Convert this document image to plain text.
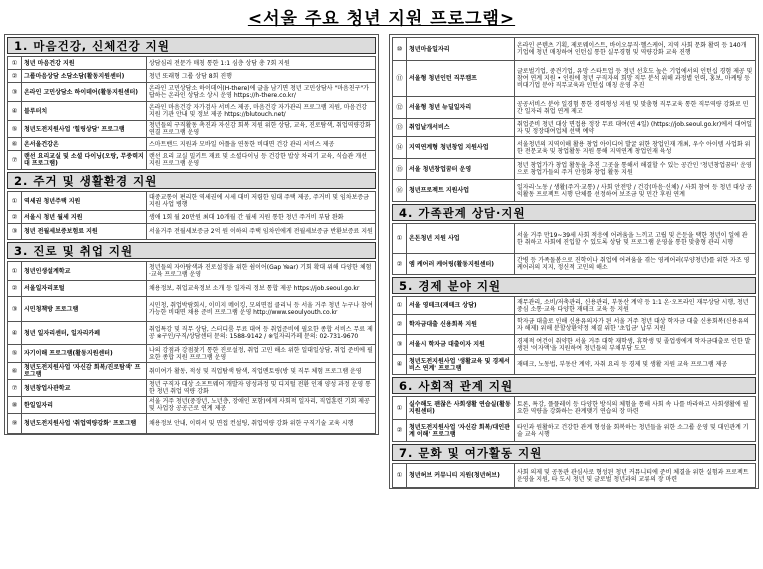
<서울 주요 청년 지원 프로그램>
1. 마음건강, 신체건강 지원
①	청년 마음건강 지원	상담심리 전문가 매칭 통한 1:1 심층 상담 총 7회 지원
②	그룹마음상담 소담소담(활동지원센터)	청년 또래형 그룹 상담 8회 진행
③	온라인 고민상담소 하이데어(활동지원센터)	온라인 고민상담소 하이데어(H-there)에 글을 남기면 청년 고민상담사 "마음친구"가 답하는 온라인 상담소 상시 운영 https://h-there.co.kr/
④	블루터치	온라인 마음건강 자가검사 서비스 제공, 마음건강 자가관리 프로그램 지원, 마음건강 지원 기관 안내 및 정보 제공 https://blutouch.net/
⑤	청년도전지원사업 '힐링상담' 프로그램	청년들의 구직활동 촉진과 자신감 회복 지원 위한 상담, 교육, 진로탐색, 취업역량강화 연결 프로그램 운영
⑥	온서울건강온	스마트밴드 지원과 모바일 어플을 연동한 비대면 건강 관리 서비스 제공
⑦	랜선 요리교실 및 소셜 다이닝(오랑, 무중력지대 프로그램)	랜선 요리 교실 밀키트 재료 및 소셜다이닝 등 건강한 밥상 차리기 교육, 식습관 개선 지원 프로그램 운영
2. 주거 및 생활환경 지원
①	역세권 청년주택 지원	대중교통이 편리한 역세권에 시세 대비 저렴한 임대 주택 제공, 주거비 및 임차보증금 지원 사업 병행
②	서울시 청년 월세 지원	생애 1회 월 20만원 최대 10개월 간 월세 지원 통한 청년 주거비 부담 완화
③	청년 전월세보증보험료 지원	서울거주 전월세보증금 2억 원 이하의 주택 임차인에게 전월세보증금 반환보증료 지원
3. 진로 및 취업 지원
①	청년인생설계학교	청년들의 자아탐색과 진로설정을 위한 쉼이어(Gap Year) 기회 확대 위해 다양한 체험·교육 프로그램 운영
②	서울일자리포털	채용정보, 취업교육정보 소개 등 일자리 정보 통합 제공 https://job.seoul.go.kr
③	시민청책방 프로그램	시민청, 취업박람회시, 이미지 메이킹, 모의면접 클리닉 등 서울 거주 청년 누구나 참여 가능한 비대면 채용 준비 프로그램 운영 http://www.seoulyouth.co.kr
④	청년 일자리센터, 일자리카페	취업특강 및 직무 상담, 스터디룸 무료 대여 등 취업준비에 필요한 종합 서비스 무료 제공 ※구인/구직/상담센터 문의: 1588-9142 / ※일자리카페 문의: 02-731-9670
⑤	자기이해 프로그램(활동지원센터)	나의 강점과 강점찾기 통한 진로설정, 취업 고민 해소 위한 일대일상담, 취업 준비에 필요한 종합 지원 프로그램 운영
⑥	청년도전지원사업 '자신감 회복/진로탐색' 프로그램	취미여가 활동, 적성 및 직업탐색 탐색, 직업멘토링(방 및 직무 체험 프로그램 운영
⑦	청년창업사관학교	청년 구직자 대상 소프트웨어 개발자 양성과정 및 디지털 전환 인재 양성 과정 운영 통한 청년 취업 역량 강화
⑧	한일일자리	서울 거주 청년(중장년, 노년층, 장애인 포함)에게 사회적 일자리, 직업훈련 기회 제공 및 사업장 공공근로 연계 제공
⑨	청년도전지원사업 '취업역량강화' 프로그램	채용정보 안내, 이력서 및 면접 컨설팅, 취업역량 강화 위한 구직기술 교육 시행
⑩	청년마을일자리	온라인 콘텐츠 기획, 제로웨이스트, 바이오뮤직·헬스케어, 지역 사회 문화 활력 등 140개 기업에 청년 매칭하여 인턴십 통한 실무경험 및 역량강화 교육 진행
⑪	서울형 청년인턴 직무캠프	글로벌기업, 중견기업, 유망 스타트업 등 청년 선호도 높은 기업에서의 인턴십 경험 제공 및 참여 연계 지원 • 인원에 청년 구직자의 희망 직무 분석 위해 과정별 인력, 홍보, 마케팅 등 비대기업 분야 직무교육과 인턴십 매칭 운영 추진
⑫	서울형 청년 뉴딜일자리	공공서비스 분야 일경험 통한 경력형성 지원 및 맞춤형 직무교육 통한 직무역량 강화로 민간 일자리 취업 연계 제고
⑬	취업날개서비스	취업준비 청년 대상 면접용 정장 무료 대여(연 4일) (https://job.seoul.go.kr)에서 대여일자 및 정장대여업체 선택 예약
⑭	지역연계형 청년창업 지원사업	서울청년의 지역이해 활용 창업 아이디어 발굴 위한 창업인재 개최, 우수 아이템 사업화 위한 전문교육 및 창업활동 지원 통해 지역연계 창업인재 육성
⑮	서울 청년창업꿈터 운영	청년 창업가가 창업 활동을 추진 그곳을 통해서 해결할 수 있는 공간인 '청년창업꿈터' 운영으로 창업가들의 주거 안정화 창업 활동 지원
⑯	청년프로젝트 지원사업	일자리·노동 / 생활(주거·교통) / 사회 안전망 / 건강(마음·신체) / 사회 참여 등 청년 대상 공익활동 프로젝트 시행 단체를 선정하여 보조금 및 민간 후원 연계
4. 가족관계 상담·지원
①	온돈청년 지원 사업	서울 거주 만19~39세 사회 적응에 어려움을 느끼고 고립 및 은둔을 택한 청년이 일에 관한 취하고 사회에 진입할 수 있도록 상담 및 프로그램 운영을 통한 맞춤형 관리 시행
②	엠 케어러 케어링(활동지원센터)	간병 등 가족돌봄으로 진학이나 취업에 어려움을 겪는 영케어러(부양청년)를 위한 자조 영케어러의 지지, 정신적 고민의 해소
5. 경제 분야 지원
①	서울 영테크(재테크 상담)	재무관리, 소비/저축관리, 신용관리, 부동산 계약 등 1:1 온·오프라인 재무상담 시행, 청년 중심 소통·교육 다양한 재테크 교육 등 지원
②	학자금대출 신용회복 지원	학자금 대출로 인해 신용유의자가 된 서울 거주 청년 대상 학자금 대출 신용회복(신용유의자 해제) 위해 분할상환약정 체결 위한 '초입금' 납부 지원
③	서울시 학자금 대출이자 지원	경제적 여건이 취약한 서울 거주 대학 재학생, 휴학생 및 졸업생에게 학자금대출로 인한 발생된 '이자액'을 지원하여 청년들의 부채부담 도모
④	청년도전지원사업 '생활교육 및 경제서비스 연계' 프로그램	재테크, 노동법, 부동산 계약, 자취 요리 등 경제 및 생활 지원 교육 프로그램 제공
6. 사회적 관계 지원
①	실수해도 괜찮은 사회생활 연습실(활동지원센터)	토론, 특강, 플플레이 등 다양한 방식의 체험을 통해 사회 속 나를 바라하고 사회생활에 필요한 역량을 강화하는 관계맺기 연습의 장 마련
②	청년도전지원사업 '자신감 회복/대인관계 이해' 프로그램	타인과 원활하고 건강한 관계 형성을 회복하는 청년들을 위한 소그룹 운영 및 대인관계 기술 교육 시행
7. 문화 및 여가활동 지원
①	청년허브 커뮤니티 지원(청년허브)	사회 의제 및 공동관 관심사로 형성된 청년 커뮤니티에 준비 체결을 위한 실험과 프로젝트 운영을 지원, 타 도시 청년 및 글로벌 청년과의 교류의 장 마련
